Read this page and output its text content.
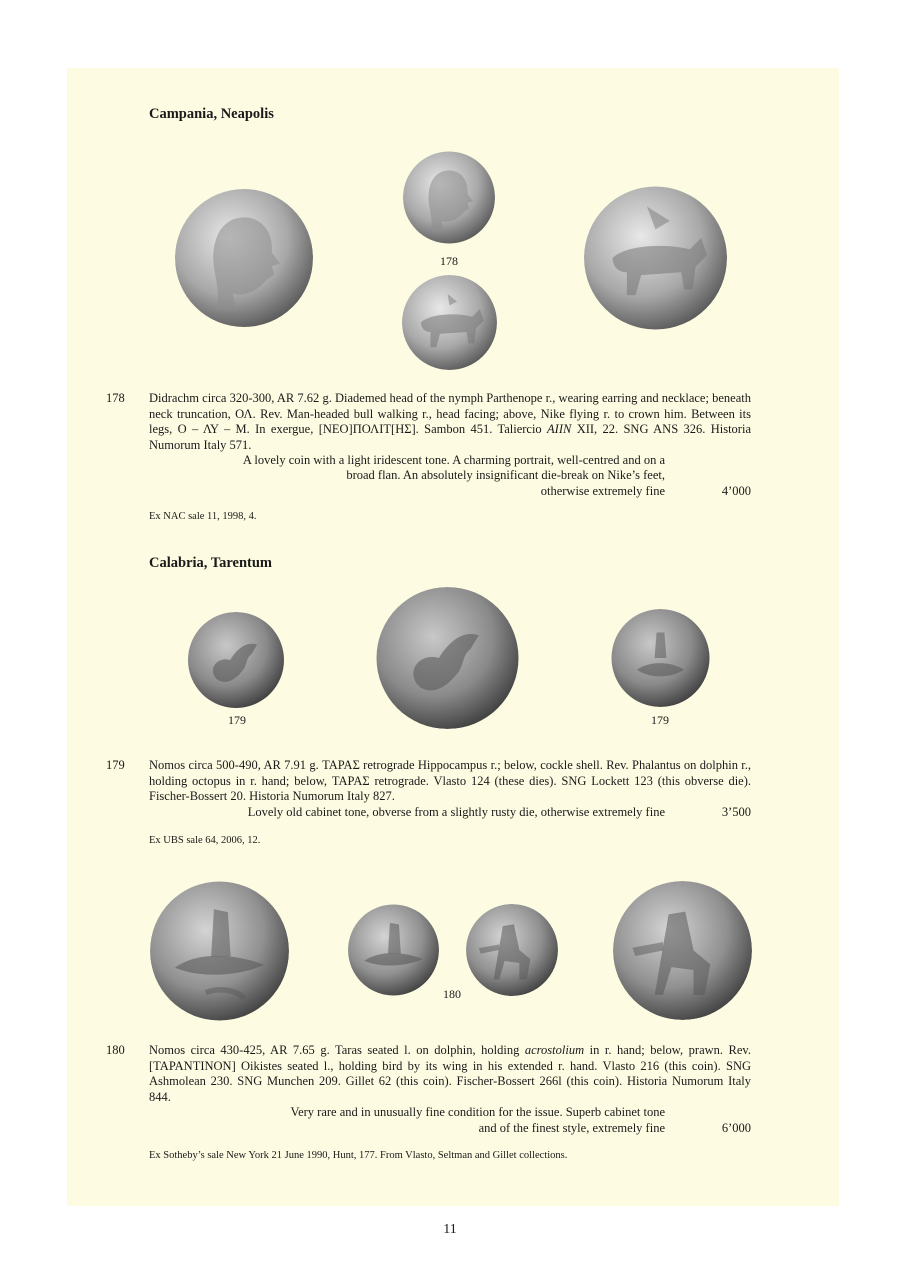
Campania, Neapolis
178
178 Didrachm circa 320-300, AR 7.62 g. Diademed head of the nymph Parthenope r., wearing earring and necklace; beneath neck truncation, ΟΛ. Rev. Man-headed bull walking r., head facing; above, Nike flying r. to crown him. Between its legs, Ο – ΛΥ – Μ. In exergue, [ΝΕΟ]ΠΟΛΙΤ[ΗΣ]. Sambon 451. Taliercio AIIN XII, 22. SNG ANS 326. Historia Numorum Italy 571.
A lovely coin with a light iridescent tone. A charming portrait, well-centred and on a
broad flan. An absolutely insignificant die-break on Nike’s feet,
otherwise extremely fine	4’000
Ex NAC sale 11, 1998, 4.
Calabria, Tarentum
179	179
179 Nomos circa 500-490, AR 7.91 g. ΤΑΡΑΣ retrograde Hippocampus r.; below, cockle shell. Rev. Phalantus on dolphin r., holding octopus in r. hand; below, ΤΑΡΑΣ retrograde. Vlasto 124 (these dies). SNG Lockett 123 (this obverse die). Fischer-Bossert 20. Historia Numorum Italy 827.
Lovely old cabinet tone, obverse from a slightly rusty die, otherwise extremely fine	3’500
Ex UBS sale 64, 2006, 12.
180
180 Nomos circa 430-425, AR 7.65 g. Taras seated l. on dolphin, holding acrostolium in r. hand; below, prawn. Rev. [ΤΑΡΑΝΤΙΝΟΝ] Oikistes seated l., holding bird by its wing in his extended r. hand. Vlasto 216 (this coin). SNG Ashmolean 230. SNG Munchen 209. Gillet 62 (this coin). Fischer-Bossert 266l (this coin). Historia Numorum Italy 844.
Very rare and in unusually fine condition for the issue. Superb cabinet tone
and of the finest style, extremely fine	6’000
Ex Sotheby’s sale New York 21 June 1990, Hunt, 177. From Vlasto, Seltman and Gillet collections.
11
